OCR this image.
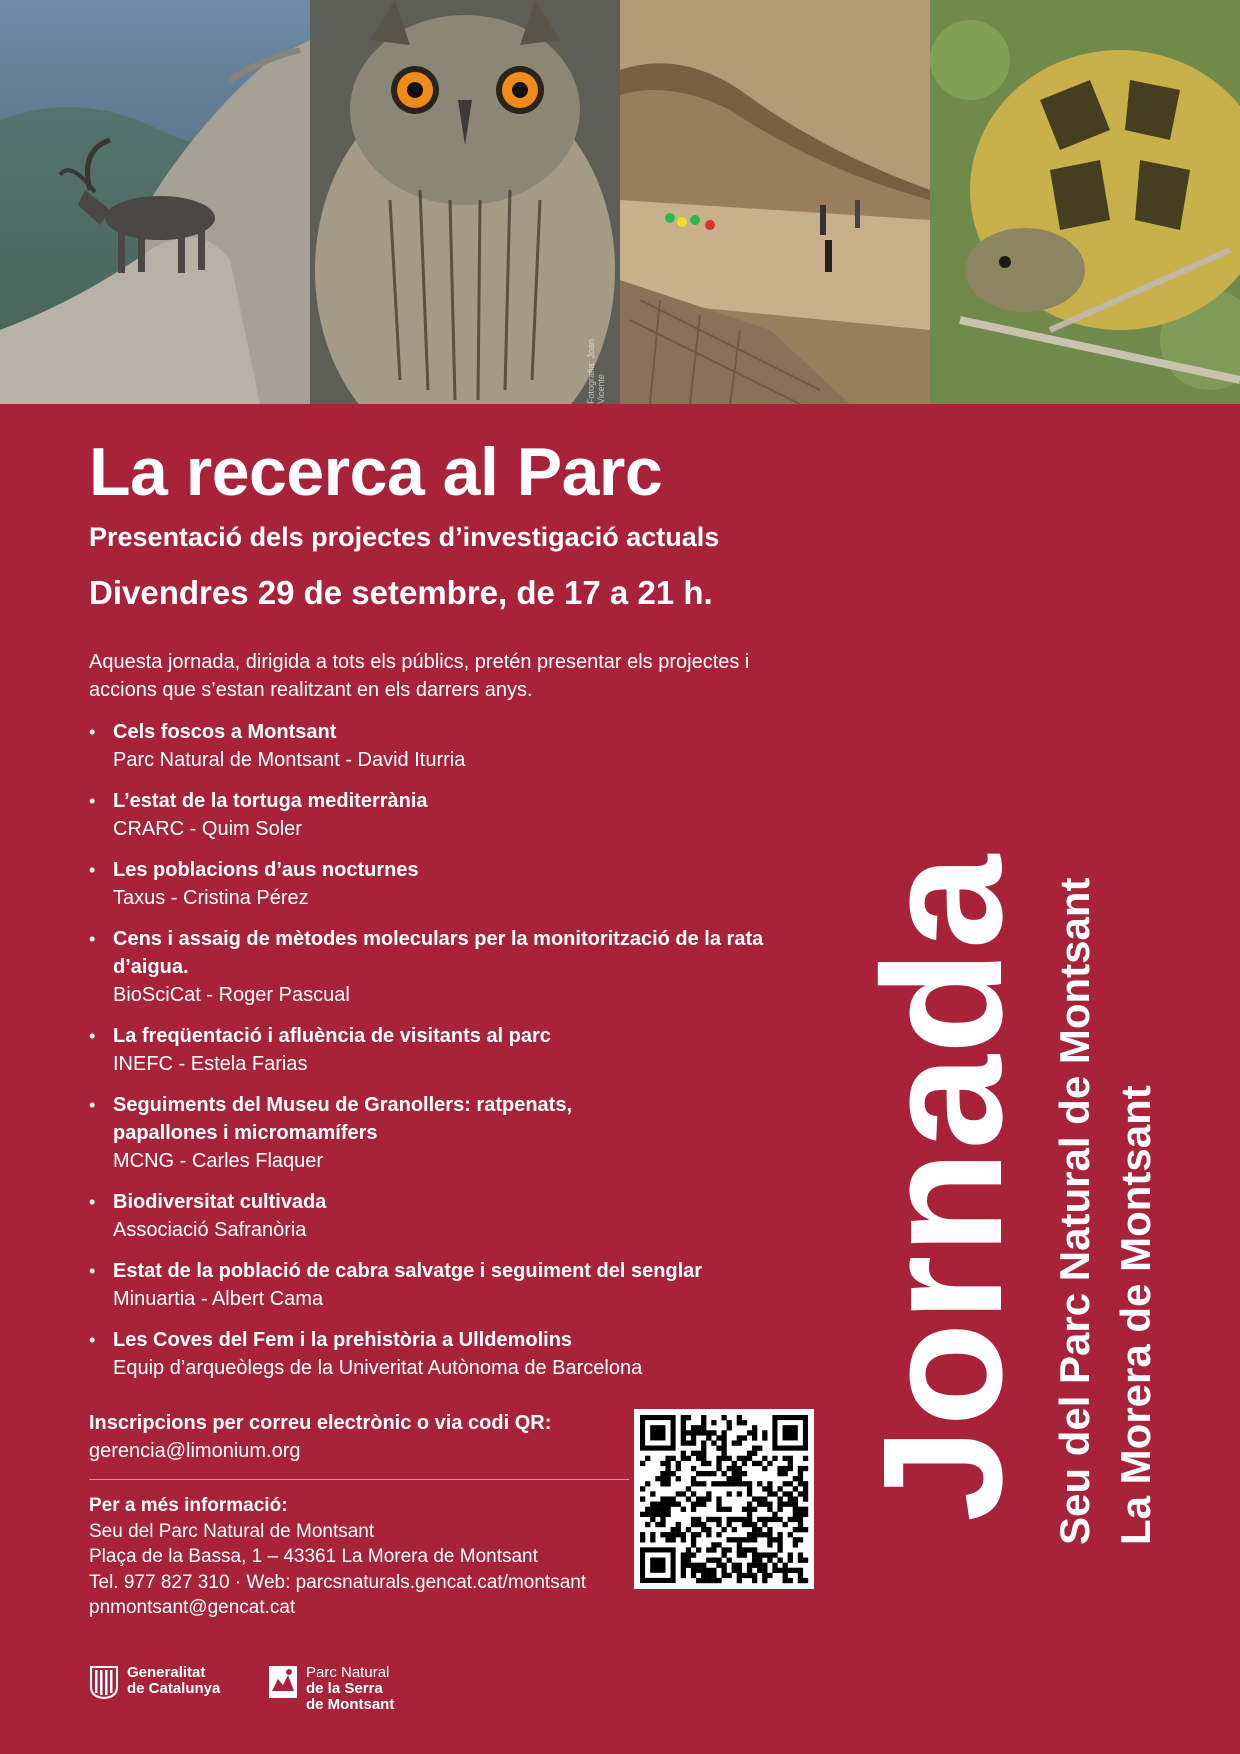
Fotografia: Joan Vicente
La recerca al Parc
Presentació dels projectes d’investigació actuals
Divendres 29 de setembre, de 17 a 21 h.

Aquesta jornada, dirigida a tots els públics, pretén presentar els projectes i accions que s’estan realitzant en els darrers anys.

• Cels foscos a Montsant
Parc Natural de Montsant - David Iturria
• L’estat de la tortuga mediterrània
CRARC - Quim Soler
• Les poblacions d’aus nocturnes
Taxus - Cristina Pérez
• Cens i assaig de mètodes moleculars per la monitorització de la rata d’aigua.
BioSciCat - Roger Pascual
• La freqüentació i afluència de visitants al parc
INEFC - Estela Farias
• Seguiments del Museu de Granollers: ratpenats, papallones i micromamífers
MCNG - Carles Flaquer
• Biodiversitat cultivada
Associació Safranòria
• Estat de la població de cabra salvatge i seguiment del senglar
Minuartia - Albert Cama
• Les Coves del Fem i la prehistòria a Ulldemolins
Equip d’arqueòlegs de la Univeritat Autònoma de Barcelona
Inscripcions per correu electrònic o via codi QR:
gerencia@limonium.org
Per a més informació:
Seu del Parc Natural de Montsant
Plaça de la Bassa, 1 – 43361 La Morera de Montsant
Tel. 977 827 310 · Web: parcsnaturals.gencat.cat/montsant
pnmontsant@gencat.cat
Jornada Seu del Parc Natural de Montsant La Morera de Montsant
Generalitat
de Catalunya
Parc Natural
de la Serra
de Montsant
